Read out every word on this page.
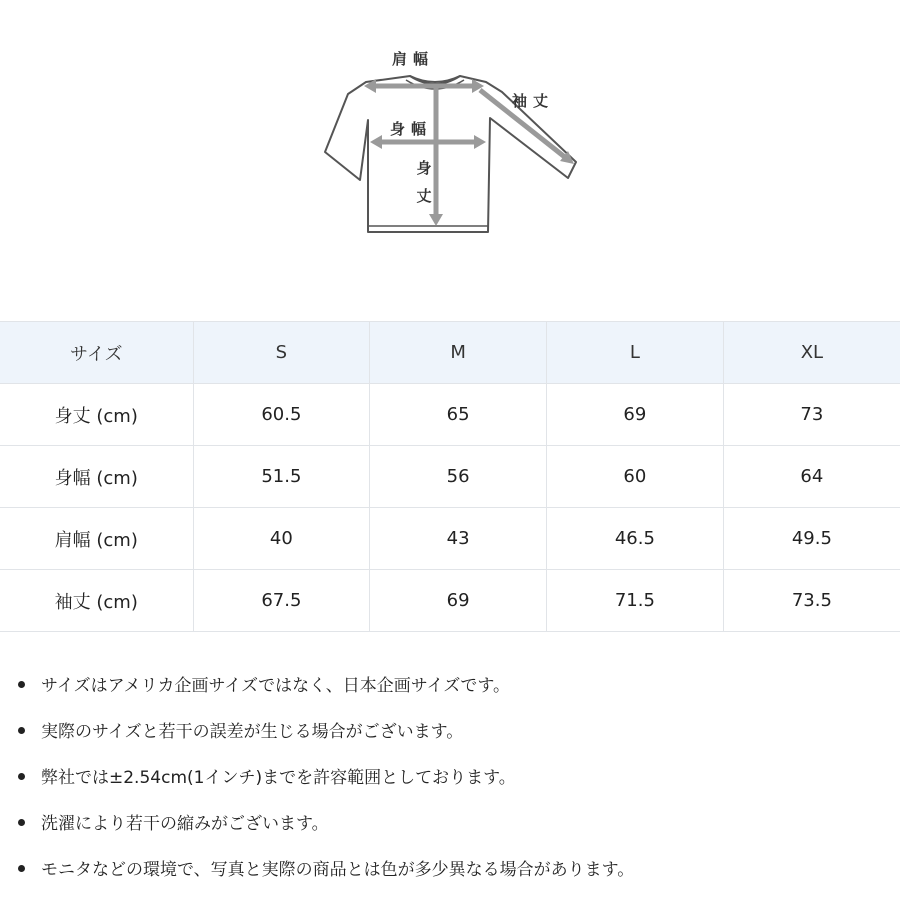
肩幅
袖丈
身幅
身
丈
サイズ	S	M	L	XL
身丈 (cm)	60.5	65	69	73
身幅 (cm)	51.5	56	60	64
肩幅 (cm)	40	43	46.5	49.5
袖丈 (cm)	67.5	69	71.5	73.5
サイズはアメリカ企画サイズではなく、日本企画サイズです。
実際のサイズと若干の誤差が生じる場合がございます。
弊社では±2.54cm(1インチ)までを許容範囲としております。
洗濯により若干の縮みがございます。
モニタなどの環境で、写真と実際の商品とは色が多少異なる場合があります。
